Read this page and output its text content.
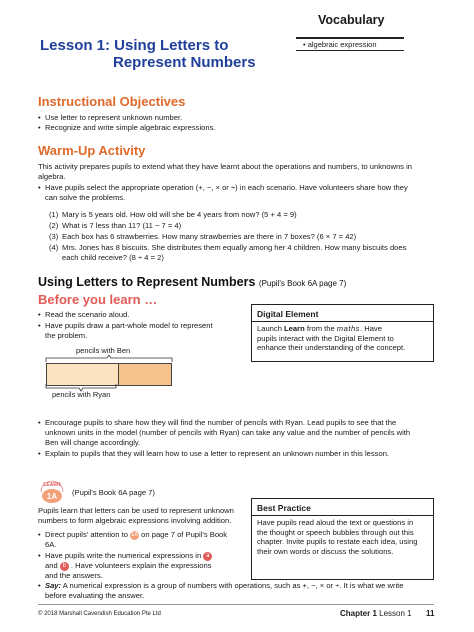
Vocabulary
• algebraic expression
Lesson 1: Using Letters to
Represent Numbers
Instructional Objectives
• Use letter to represent unknown number.
• Recognize and write simple algebraic expressions.
Warm-Up Activity
This activity prepares pupils to extend what they have learnt about the operations and numbers, to unknowns in
algebra.
• Have pupils select the appropriate operation (+, −, × or ÷) in each scenario. Have volunteers share how they
can solve the problems.
(1) Mary is 5 years old. How old will she be 4 years from now? (5 + 4 = 9)
(2) What is 7 less than 11? (11 − 7 = 4)
(3) Each box has 6 strawberries. How many strawberries are there in 7 boxes? (6 × 7 = 42)
(4) Mrs. Jones has 8 biscuits. She distributes them equally among her 4 children. How many biscuits does
each child receive? (8 ÷ 4 = 2)
Using Letters to Represent Numbers (Pupil's Book 6A page 7)
Before you learn …
• Read the scenario aloud.
• Have pupils draw a part-whole model to represent
the problem.
pencils with Ben
pencils with Ryan
Digital Element
Launch Learn from the maths. Have
pupils interact with the Digital Element to
enhance their understanding of the concept.
• Encourage pupils to share how they will find the number of pencils with Ryan. Lead pupils to see that the
unknown units in the model (number of pencils with Ryan) can take any value and the number of pencils with
Ben will change accordingly.
• Explain to pupils that they will learn how to use a letter to represent an unknown number in this lesson.
LEARN
1A (Pupil's Book 6A page 7)
Pupils learn that letters can be used to represent unknown
numbers to form algebraic expressions involving addition.
• Direct pupils' attention to 1A on page 7 of Pupil's Book
6A.
• Have pupils write the numerical expressions in a
and b . Have volunteers explain the expressions
and the answers.
• Say: A numerical expression is a group of numbers with operations, such as +, −, × or ÷. It is what we write
before evaluating the answer.
Best Practice
Have pupils read aloud the text or questions in
the thought or speech bubbles through out this
chapter. Invite pupils to restate each idea, using
their own words or discuss the solutions.
© 2018 Marshall Cavendish Education Pte Ltd	Chapter 1 Lesson 1 11
